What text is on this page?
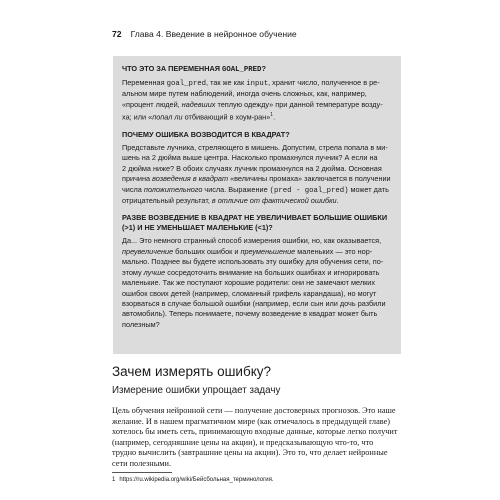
72 Глава 4. Введение в нейронное обучение
ЧТО ЭТО ЗА ПЕРЕМЕННАЯ GOAL_PRED?

Переменная goal_pred, так же как input, хранит число, полученное в ре-
альном мире путем наблюдений, иногда очень сложных, как, например,
«процент людей, надевших теплую одежду» при данной температуре возду-
ха; или «попал ли отбивающий в хоум-ран»$^1$.

ПОЧЕМУ ОШИБКА ВОЗВОДИТСЯ В КВАДРАТ?

Представьте лучника, стреляющего в мишень. Допустим, стрела попала в ми-
шень на 2 дюйма выше центра. Насколько промахнулся лучник? А если на
2 дюйма ниже? В обоих случаях лучник промахнулся на 2 дюйма. Основная
причина возведения в квадрат «величины промаха» заключается в получении
числа положительного числа. Выражение (pred - goal_pred) может дать
отрицательный результат, в отличие от фактической ошибки.

РАЗВЕ ВОЗВЕДЕНИЕ В КВАДРАТ НЕ УВЕЛИЧИВАЕТ БОЛЬШИЕ ОШИБКИ
(>1) И НЕ УМЕНЬШАЕТ МАЛЕНЬКИЕ (<1)?

Да... Это немного странный способ измерения ошибки, но, как оказывается,
преувеличение больших ошибок и преуменьшение маленьких — это нор-
мально. Позднее вы будете использовать эту ошибку для обучения сети, по-
этому лучше сосредоточить внимание на больших ошибках и игнорировать
маленькие. Так же поступают хорошие родители: они не замечают мелких
ошибок своих детей (например, сломанный грифель карандаша), но могут
взорваться в случае большой ошибки (например, если сын или дочь разбили
автомобиль). Теперь понимаете, почему возведение в квадрат может быть
полезным?

Зачем измерять ошибку?
Измерение ошибки упрощает задачу

Цель обучения нейронной сети — получение достоверных прогнозов. Это наше
желание. И в нашем прагматичном мире (как отмечалось в предыдущей главе)
хотелось бы иметь сеть, принимающую входные данные, которые легко получит
(например, сегодняшние цены на акции), и предсказывающую что-то, что
трудно вычислить (завтрашние цены на акции). Это то, что делает нейронные
сети полезными.

1 https://ru.wikipedia.org/wiki/Бейсбольная_терминология.
